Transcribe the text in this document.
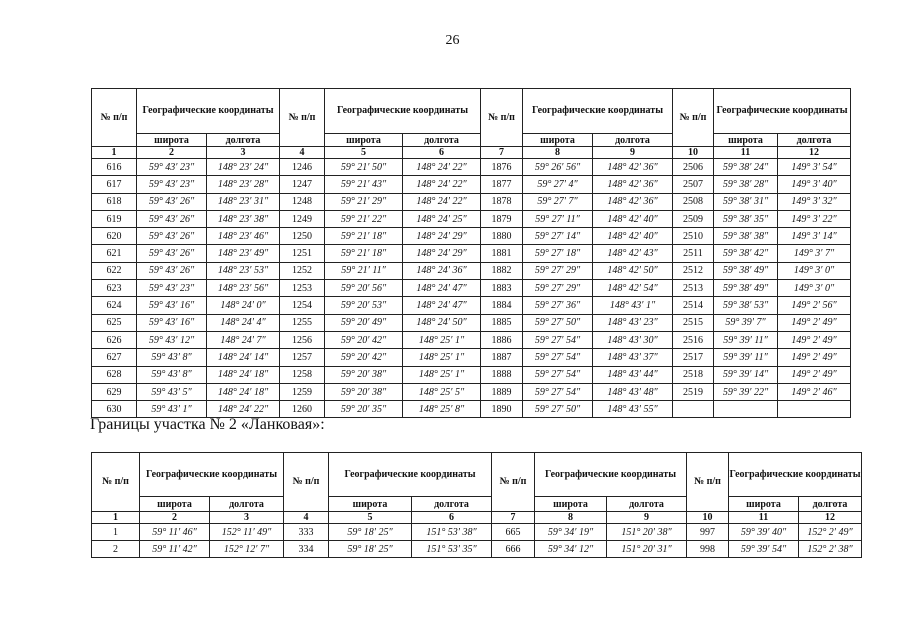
26
№ п/п	Географические координаты		№ п/п	Географические координаты		№ п/п	Географические координаты		№ п/п	Географические координаты	
	широта	долгота		широта	долгота		широта	долгота		широта	долгота
1	2	3	4	5	6	7	8	9	10	11	12
616	59° 43′ 23″	148° 23′ 24″	1246	59° 21′ 50″	148° 24′ 22″	1876	59° 26′ 56″	148° 42′ 36″	2506	59° 38′ 24″	149° 3′ 54″
617	59° 43′ 23″	148° 23′ 28″	1247	59° 21′ 43″	148° 24′ 22″	1877	59° 27′ 4″	148° 42′ 36″	2507	59° 38′ 28″	149° 3′ 40″
618	59° 43′ 26″	148° 23′ 31″	1248	59° 21′ 29″	148° 24′ 22″	1878	59° 27′ 7″	148° 42′ 36″	2508	59° 38′ 31″	149° 3′ 32″
619	59° 43′ 26″	148° 23′ 38″	1249	59° 21′ 22″	148° 24′ 25″	1879	59° 27′ 11″	148° 42′ 40″	2509	59° 38′ 35″	149° 3′ 22″
620	59° 43′ 26″	148° 23′ 46″	1250	59° 21′ 18″	148° 24′ 29″	1880	59° 27′ 14″	148° 42′ 40″	2510	59° 38′ 38″	149° 3′ 14″
621	59° 43′ 26″	148° 23′ 49″	1251	59° 21′ 18″	148° 24′ 29″	1881	59° 27′ 18″	148° 42′ 43″	2511	59° 38′ 42″	149° 3′ 7″
622	59° 43′ 26″	148° 23′ 53″	1252	59° 21′ 11″	148° 24′ 36″	1882	59° 27′ 29″	148° 42′ 50″	2512	59° 38′ 49″	149° 3′ 0″
623	59° 43′ 23″	148° 23′ 56″	1253	59° 20′ 56″	148° 24′ 47″	1883	59° 27′ 29″	148° 42′ 54″	2513	59° 38′ 49″	149° 3′ 0″
624	59° 43′ 16″	148° 24′ 0″	1254	59° 20′ 53″	148° 24′ 47″	1884	59° 27′ 36″	148° 43′ 1″	2514	59° 38′ 53″	149° 2′ 56″
625	59° 43′ 16″	148° 24′ 4″	1255	59° 20′ 49″	148° 24′ 50″	1885	59° 27′ 50″	148° 43′ 23″	2515	59° 39′ 7″	149° 2′ 49″
626	59° 43′ 12″	148° 24′ 7″	1256	59° 20′ 42″	148° 25′ 1″	1886	59° 27′ 54″	148° 43′ 30″	2516	59° 39′ 11″	149° 2′ 49″
627	59° 43′ 8″	148° 24′ 14″	1257	59° 20′ 42″	148° 25′ 1″	1887	59° 27′ 54″	148° 43′ 37″	2517	59° 39′ 11″	149° 2′ 49″
628	59° 43′ 8″	148° 24′ 18″	1258	59° 20′ 38″	148° 25′ 1″	1888	59° 27′ 54″	148° 43′ 44″	2518	59° 39′ 14″	149° 2′ 49″
629	59° 43′ 5″	148° 24′ 18″	1259	59° 20′ 38″	148° 25′ 5″	1889	59° 27′ 54″	148° 43′ 48″	2519	59° 39′ 22″	149° 2′ 46″
630	59° 43′ 1″	148° 24′ 22″	1260	59° 20′ 35″	148° 25′ 8″	1890	59° 27′ 50″	148° 43′ 55″			
Границы участка № 2 «Ланковая»:
№ п/п	Географические координаты		№ п/п	Географические координаты		№ п/п	Географические координаты		№ п/п	Географические координаты	
	широта	долгота		широта	долгота		широта	долгота		широта	долгота
1	2	3	4	5	6	7	8	9	10	11	12
1	59° 11′ 46″	152° 11′ 49″	333	59° 18′ 25″	151° 53′ 38″	665	59° 34′ 19″	151° 20′ 38″	997	59° 39′ 40″	152° 2′ 49″
2	59° 11′ 42″	152° 12′ 7″	334	59° 18′ 25″	151° 53′ 35″	666	59° 34′ 12″	151° 20′ 31″	998	59° 39′ 54″	152° 2′ 38″
